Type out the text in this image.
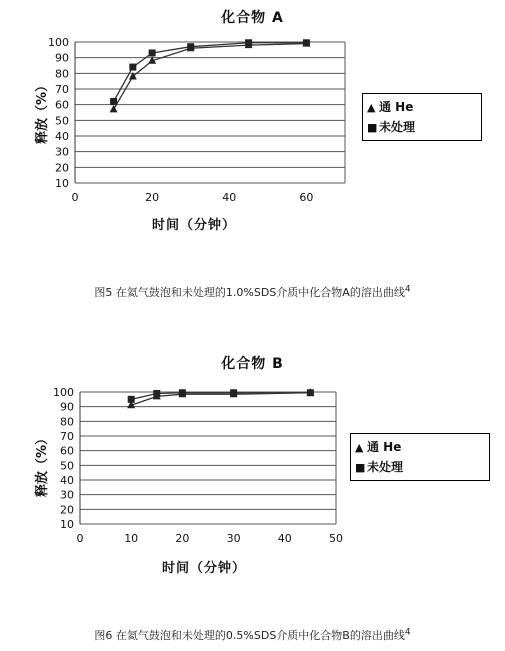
化合物 A
释放（%）
10
20
30
40
50
60
70
80
90
100
0	20	40	60
时间（分钟）
▲ 通 He
■ 未处理
图5 在氦气鼓泡和未处理的1.0%SDS介质中化合物A的溶出曲线$^4$
化合物 B
释放（%）
10
20
30
40
50
60
70
80
90
100
0	10	20	30	40	50
时间（分钟）
▲ 通 He
■ 未处理
图6 在氦气鼓泡和未处理的0.5%SDS介质中化合物B的溶出曲线$^4$
